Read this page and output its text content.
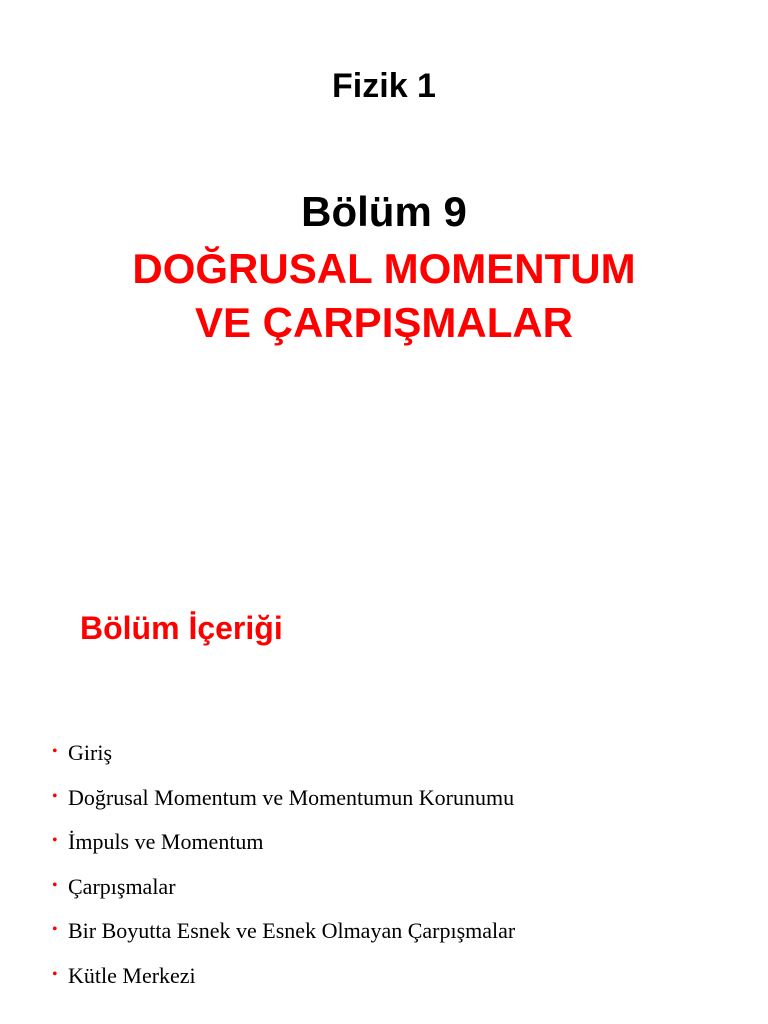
Fizik 1
Bölüm 9
DOĞRUSAL MOMENTUM
VE ÇARPIŞMALAR
Bölüm İçeriği
• Giriş
• Doğrusal Momentum ve Momentumun Korunumu
• İmpuls ve Momentum
• Çarpışmalar
• Bir Boyutta Esnek ve Esnek Olmayan Çarpışmalar
• Kütle Merkezi
